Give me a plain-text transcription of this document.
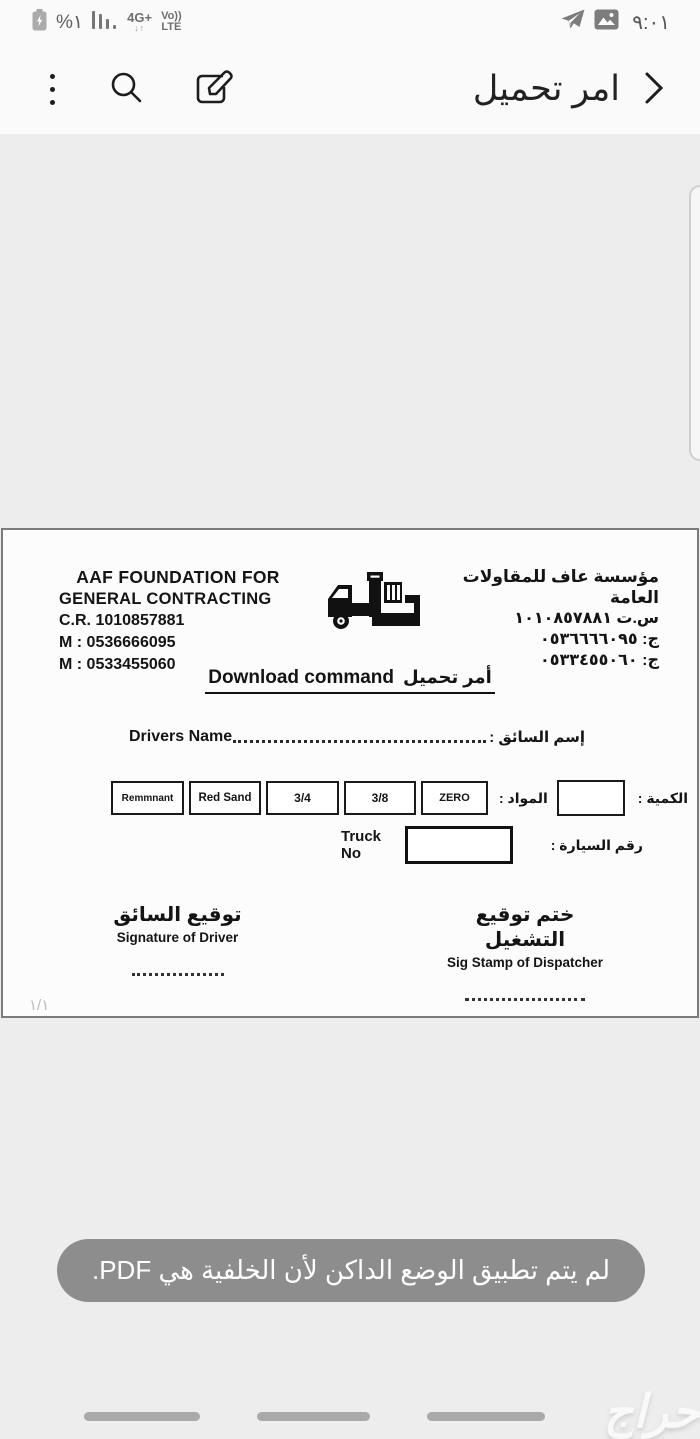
%١	4G+
↓↑
Vo))
LTE	٩:٠١
امر تحميل
AAF FOUNDATION FOR
GENERAL CONTRACTING
C.R. 1010857881
M : 0536666095
M : 0533455060
مؤسسة عاف للمقاولات العامة
س.ت ١٠١٠٨٥٧٨٨١
ج: ٠٥٣٦٦٦٦٠٩٥
ج: ٠٥٣٣٤٥٥٠٦٠
Download command أمر تحميل
Drivers Name	إسم السائق :
Remmnant	Red Sand	3/4	3/8	ZERO	المواد :	الكمية :
Truck No
رقم السيارة :
توقيع السائق
Signature of Driver
ختم توقيع التشغيل
Sig Stamp of Dispatcher
١/١
لم يتم تطبيق الوضع الداكن لأن الخلفية هي PDF.
حراج
